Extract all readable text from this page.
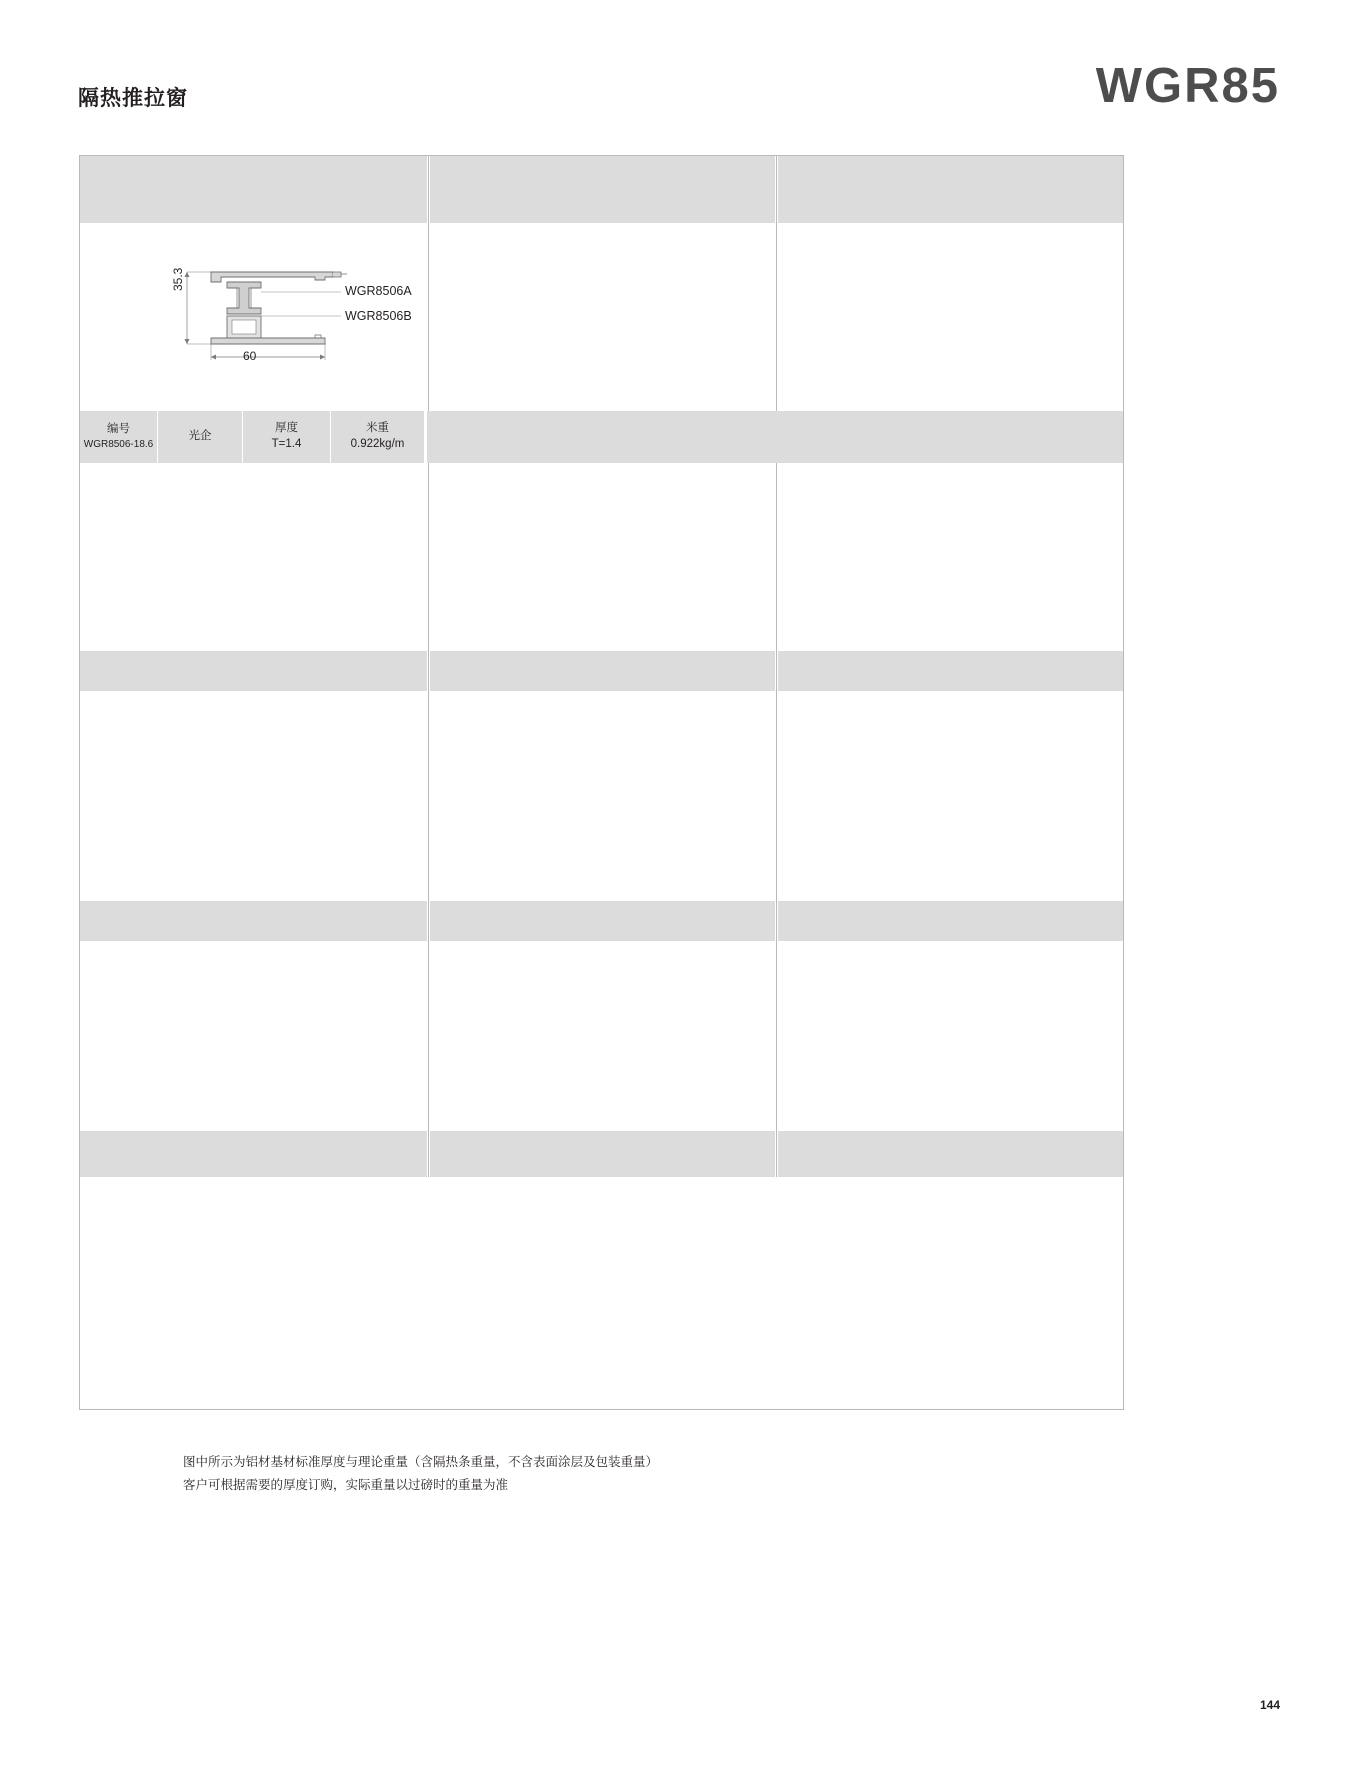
隔热推拉窗	WGR85
35.3
60
WGR8506A
WGR8506B
编号
WGR8506-18.6
光企
厚度
T=1.4
米重
0.922kg/m
图中所示为铝材基材标准厚度与理论重量（含隔热条重量，不含表面涂层及包装重量）
客户可根据需要的厚度订购，实际重量以过磅时的重量为准
144
